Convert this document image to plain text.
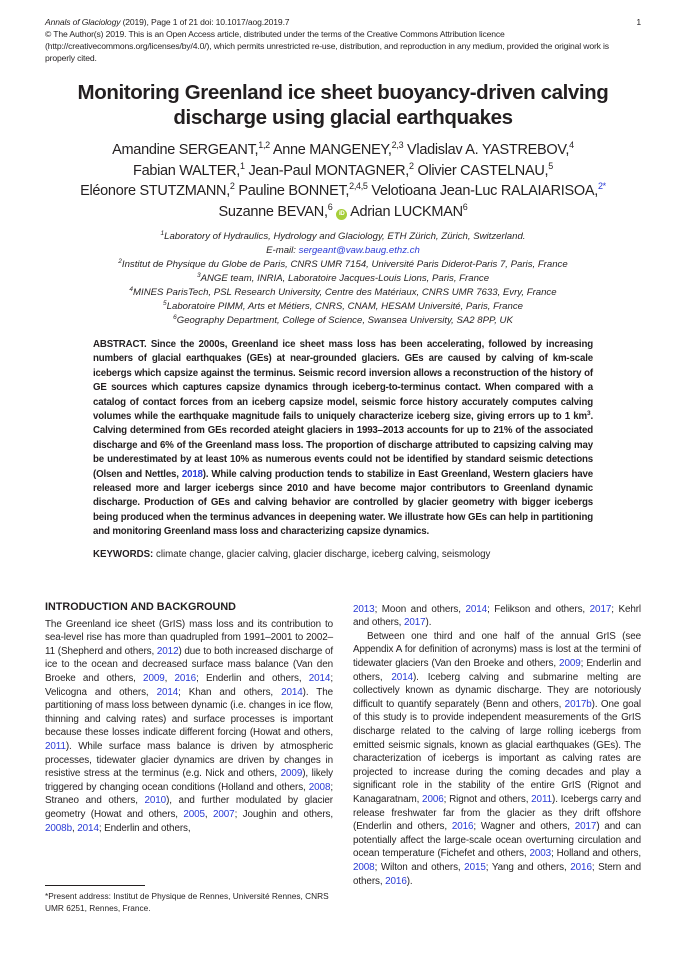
Annals of Glaciology (2019), Page 1 of 21 doi: 10.1017/aog.2019.7	1
© The Author(s) 2019. This is an Open Access article, distributed under the terms of the Creative Commons Attribution licence (http://creativecommons.org/licenses/by/4.0/), which permits unrestricted re-use, distribution, and reproduction in any medium, provided the original work is properly cited.
Monitoring Greenland ice sheet buoyancy-driven calving discharge using glacial earthquakes
Amandine SERGEANT,$^{1,2}$ Anne MANGENEY,$^{2,3}$ Vladislav A. YASTREBOV,$^4$
Fabian WALTER,$^1$ Jean-Paul MONTAGNER,$^2$ Olivier CASTELNAU,$^5$
Eléonore STUTZMANN,$^2$ Pauline BONNET,$^{2,4,5}$ Velotioana Jean-Luc RALAIARISOA,$^{2*}$
Suzanne BEVAN,$^6$ iD Adrian LUCKMAN$^6$
$^1$Laboratory of Hydraulics, Hydrology and Glaciology, ETH Zürich, Zürich, Switzerland.
E-mail: sergeant@vaw.baug.ethz.ch
$^2$Institut de Physique du Globe de Paris, CNRS UMR 7154, Université Paris Diderot-Paris 7, Paris, France
$^3$ANGE team, INRIA, Laboratoire Jacques-Louis Lions, Paris, France
$^4$MINES ParisTech, PSL Research University, Centre des Matériaux, CNRS UMR 7633, Evry, France
$^5$Laboratoire PIMM, Arts et Métiers, CNRS, CNAM, HESAM Université, Paris, France
$^6$Geography Department, College of Science, Swansea University, SA2 8PP, UK
ABSTRACT. Since the 2000s, Greenland ice sheet mass loss has been accelerating, followed by increasing numbers of glacial earthquakes (GEs) at near-grounded glaciers. GEs are caused by calving of km-scale icebergs which capsize against the terminus. Seismic record inversion allows a reconstruction of the history of GE sources which captures capsize dynamics through iceberg-to-terminus contact. When compared with a catalog of contact forces from an iceberg capsize model, seismic force history accurately computes calving volumes while the earthquake magnitude fails to uniquely characterize iceberg size, giving errors up to 1 $km^3$. Calving determined from GEs recorded ateight glaciers in 1993–2013 accounts for up to 21% of the associated discharge and 6% of the Greenland mass loss. The proportion of discharge attributed to capsizing calving may be underestimated by at least 10% as numerous events could not be identified by standard seismic detections (Olsen and Nettles, 2018). While calving production tends to stabilize in East Greenland, Western glaciers have released more and larger icebergs since 2010 and have become major contributors to Greenland dynamic discharge. Production of GEs and calving behavior are controlled by glacier geometry with bigger icebergs being produced when the terminus advances in deepening water. We illustrate how GEs can help in partitioning and monitoring Greenland mass loss and characterizing capsize dynamics.
KEYWORDS: climate change, glacier calving, glacier discharge, iceberg calving, seismology
INTRODUCTION AND BACKGROUND
The Greenland ice sheet (GrIS) mass loss and its contribution to sea-level rise has more than quadrupled from 1991–2001 to 2002–11 (Shepherd and others, 2012) due to both increased discharge of ice to the ocean and decreased surface mass balance (Van den Broeke and others, 2009, 2016; Enderlin and others, 2014; Velicogna and others, 2014; Khan and others, 2014). The partitioning of mass loss between dynamic (i.e. changes in ice flow, thinning and calving rates) and surface processes is important because these losses indicate different forcing (Howat and others, 2011). While surface mass balance is driven by atmospheric processes, tidewater glacier dynamics are driven by changes in resistive stress at the terminus (e.g. Nick and others, 2009), likely triggered by changing ocean conditions (Holland and others, 2008; Straneo and others, 2010), and further modulated by glacier geometry (Howat and others, 2005, 2007; Joughin and others, 2008b, 2014; Enderlin and others,
2013; Moon and others, 2014; Felikson and others, 2017; Kehrl and others, 2017).
Between one third and one half of the annual GrIS (see Appendix A for definition of acronyms) mass is lost at the termini of tidewater glaciers (Van den Broeke and others, 2009; Enderlin and others, 2014). Iceberg calving and submarine melting are collectively known as dynamic discharge. They are notoriously difficult to quantify separately (Benn and others, 2017b). One goal of this study is to provide independent measurements of the GrIS discharge related to the calving of large rolling icebergs from emitted seismic signals, known as glacial earthquakes (GEs). The characterization of icebergs is important as calving rates are projected to increase during the coming decades and play a significant role in the stability of the entire GrIS (Rignot and Kanagaratnam, 2006; Rignot and others, 2011). Icebergs carry and release freshwater far from the glacier as they drift offshore (Enderlin and others, 2016; Wagner and others, 2017) and can potentially affect the large-scale ocean overturning circulation and ocean temperature (Fichefet and others, 2003; Holland and others, 2008; Wilton and others, 2015; Yang and others, 2016; Stern and others, 2016).
*Present address: Institut de Physique de Rennes, Université Rennes, CNRS UMR 6251, Rennes, France.
